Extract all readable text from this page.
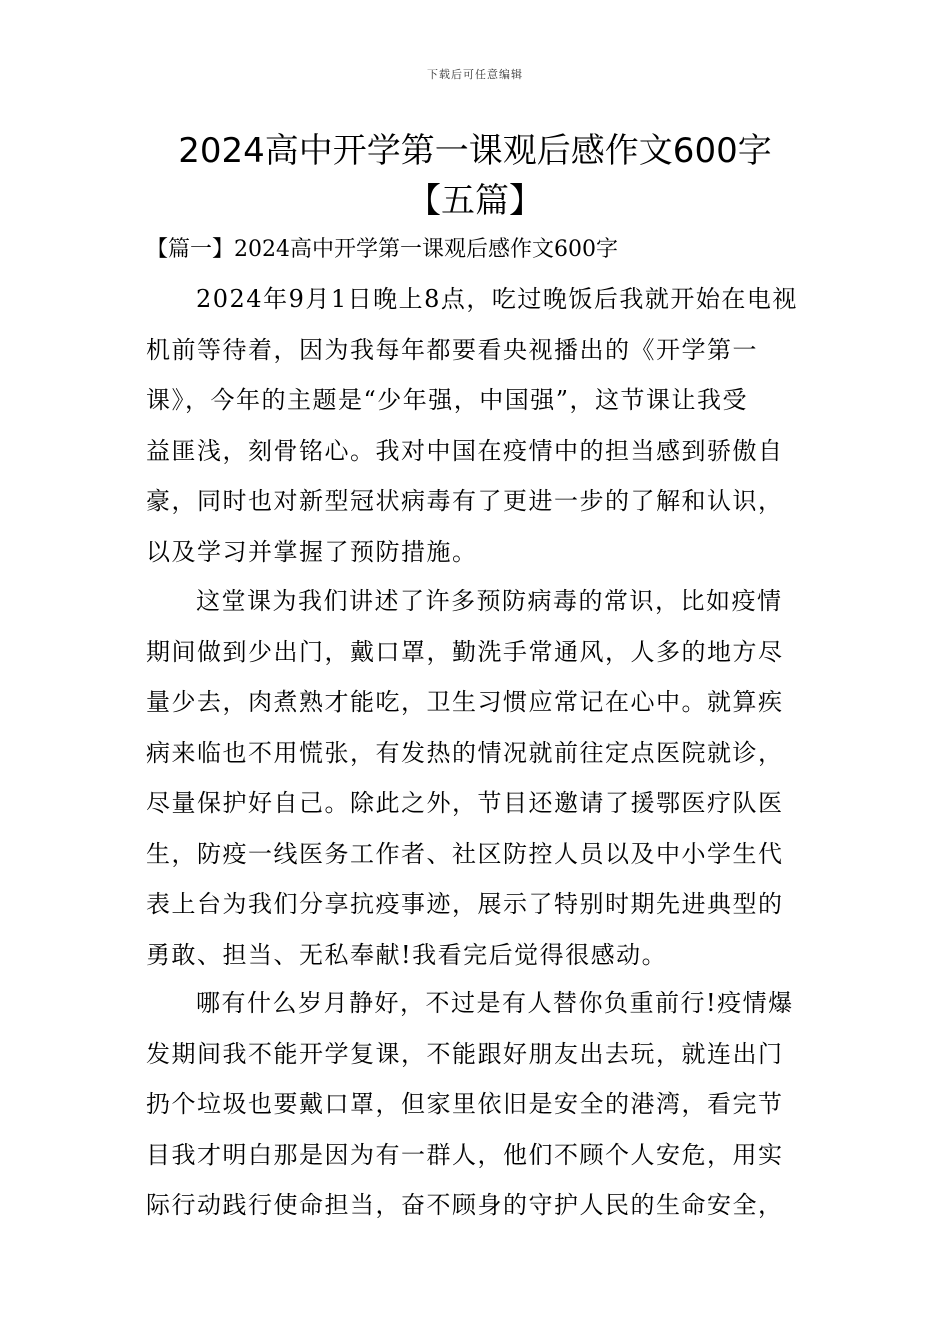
下载后可任意编辑
2024高中开学第一课观后感作文600字
【五篇】
【篇一】2024高中开学第一课观后感作文600字

2024年9月1日晚上8点，吃过晚饭后我就开始在电视
机前等待着，因为我每年都要看央视播出的《开学第一
课》，今年的主题是“少年强，中国强”，这节课让我受
益匪浅，刻骨铭心。我对中国在疫情中的担当感到骄傲自
豪，同时也对新型冠状病毒有了更进一步的了解和认识，
以及学习并掌握了预防措施。

这堂课为我们讲述了许多预防病毒的常识，比如疫情
期间做到少出门，戴口罩，勤洗手常通风，人多的地方尽
量少去，肉煮熟才能吃，卫生习惯应常记在心中。就算疾
病来临也不用慌张，有发热的情况就前往定点医院就诊，
尽量保护好自己。除此之外，节目还邀请了援鄂医疗队医
生，防疫一线医务工作者、社区防控人员以及中小学生代
表上台为我们分享抗疫事迹，展示了特别时期先进典型的
勇敢、担当、无私奉献!我看完后觉得很感动。

哪有什么岁月静好，不过是有人替你负重前行!疫情爆
发期间我不能开学复课，不能跟好朋友出去玩，就连出门
扔个垃圾也要戴口罩，但家里依旧是安全的港湾，看完节
目我才明白那是因为有一群人，他们不顾个人安危，用实
际行动践行使命担当，奋不顾身的守护人民的生命安全，
